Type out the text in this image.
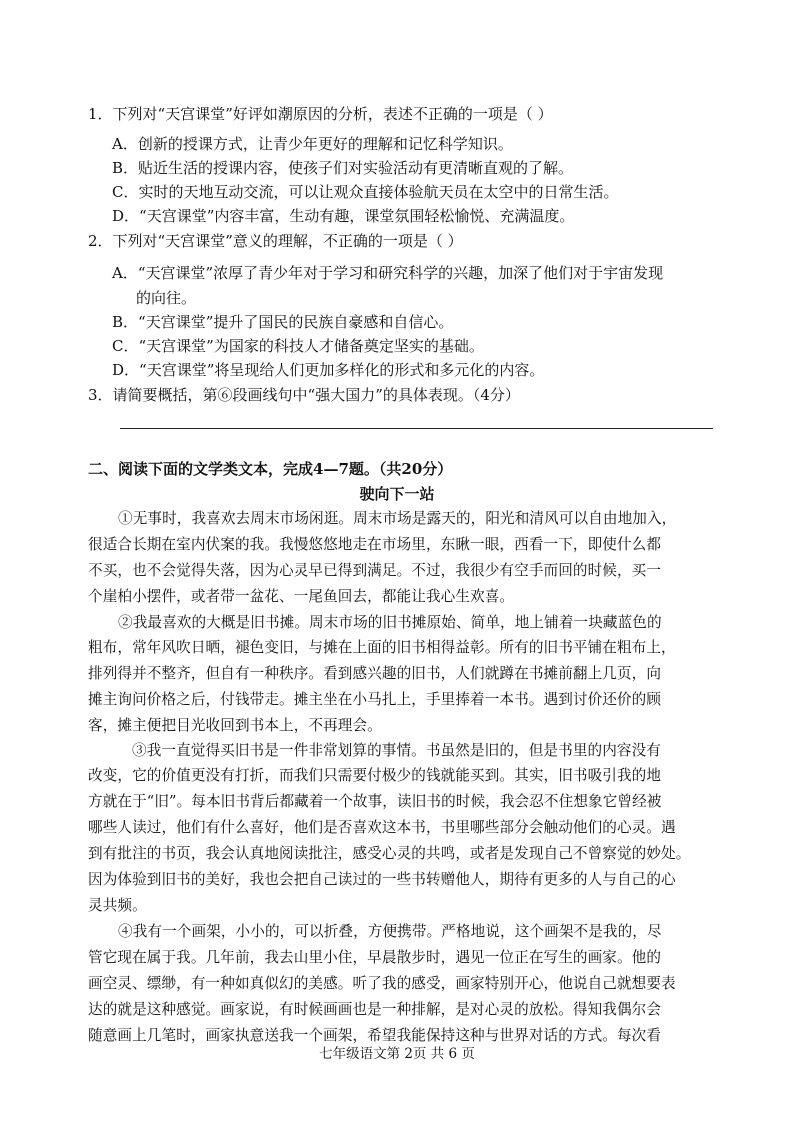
1．下列对“天宫课堂”好评如潮原因的分析，表述不正确的一项是（ ）
A．创新的授课方式，让青少年更好的理解和记忆科学知识。
B．贴近生活的授课内容，使孩子们对实验活动有更清晰直观的了解。
C．实时的天地互动交流，可以让观众直接体验航天员在太空中的日常生活。
D．“天宫课堂”内容丰富，生动有趣，课堂氛围轻松愉悦、充满温度。
2．下列对“天宫课堂”意义的理解，不正确的一项是（ ）
A．“天宫课堂”浓厚了青少年对于学习和研究科学的兴趣，加深了他们对于宇宙发现
的向往。
B．“天宫课堂”提升了国民的民族自豪感和自信心。
C．“天宫课堂”为国家的科技人才储备奠定坚实的基础。
D．“天宫课堂”将呈现给人们更加多样化的形式和多元化的内容。
3．请简要概括，第⑥段画线句中“强大国力”的具体表现。（4分）
二、阅读下面的文学类文本，完成4—7题。（共20分）
驶向下一站
①无事时，我喜欢去周末市场闲逛。周末市场是露天的，阳光和清风可以自由地加入，
很适合长期在室内伏案的我。我慢悠悠地走在市场里，东瞅一眼，西看一下，即使什么都
不买，也不会觉得失落，因为心灵早已得到满足。不过，我很少有空手而回的时候，买一
个崖柏小摆件，或者带一盆花、一尾鱼回去，都能让我心生欢喜。
②我最喜欢的大概是旧书摊。周末市场的旧书摊原始、简单，地上铺着一块藏蓝色的
粗布，常年风吹日晒，褪色变旧，与摊在上面的旧书相得益彰。所有的旧书平铺在粗布上，
排列得并不整齐，但自有一种秩序。看到感兴趣的旧书，人们就蹲在书摊前翻上几页，向
摊主询问价格之后，付钱带走。摊主坐在小马扎上，手里捧着一本书。遇到讨价还价的顾
客，摊主便把目光收回到书本上，不再理会。
③我一直觉得买旧书是一件非常划算的事情。书虽然是旧的，但是书里的内容没有
改变，它的价值更没有打折，而我们只需要付极少的钱就能买到。其实，旧书吸引我的地
方就在于“旧”。每本旧书背后都藏着一个故事，读旧书的时候，我会忍不住想象它曾经被
哪些人读过，他们有什么喜好，他们是否喜欢这本书，书里哪些部分会触动他们的心灵。遇
到有批注的书页，我会认真地阅读批注，感受心灵的共鸣，或者是发现自己不曾察觉的妙处。
因为体验到旧书的美好，我也会把自己读过的一些书转赠他人，期待有更多的人与自己的心
灵共频。
④我有一个画架，小小的，可以折叠，方便携带。严格地说，这个画架不是我的，尽
管它现在属于我。几年前，我去山里小住，早晨散步时，遇见一位正在写生的画家。他的
画空灵、缥缈，有一种如真似幻的美感。听了我的感受，画家特别开心，他说自己就想要表
达的就是这种感觉。画家说，有时候画画也是一种排解，是对心灵的放松。得知我偶尔会
随意画上几笔时，画家执意送我一个画架，希望我能保持这种与世界对话的方式。每次看
七年级语文第 2页 共 6 页
